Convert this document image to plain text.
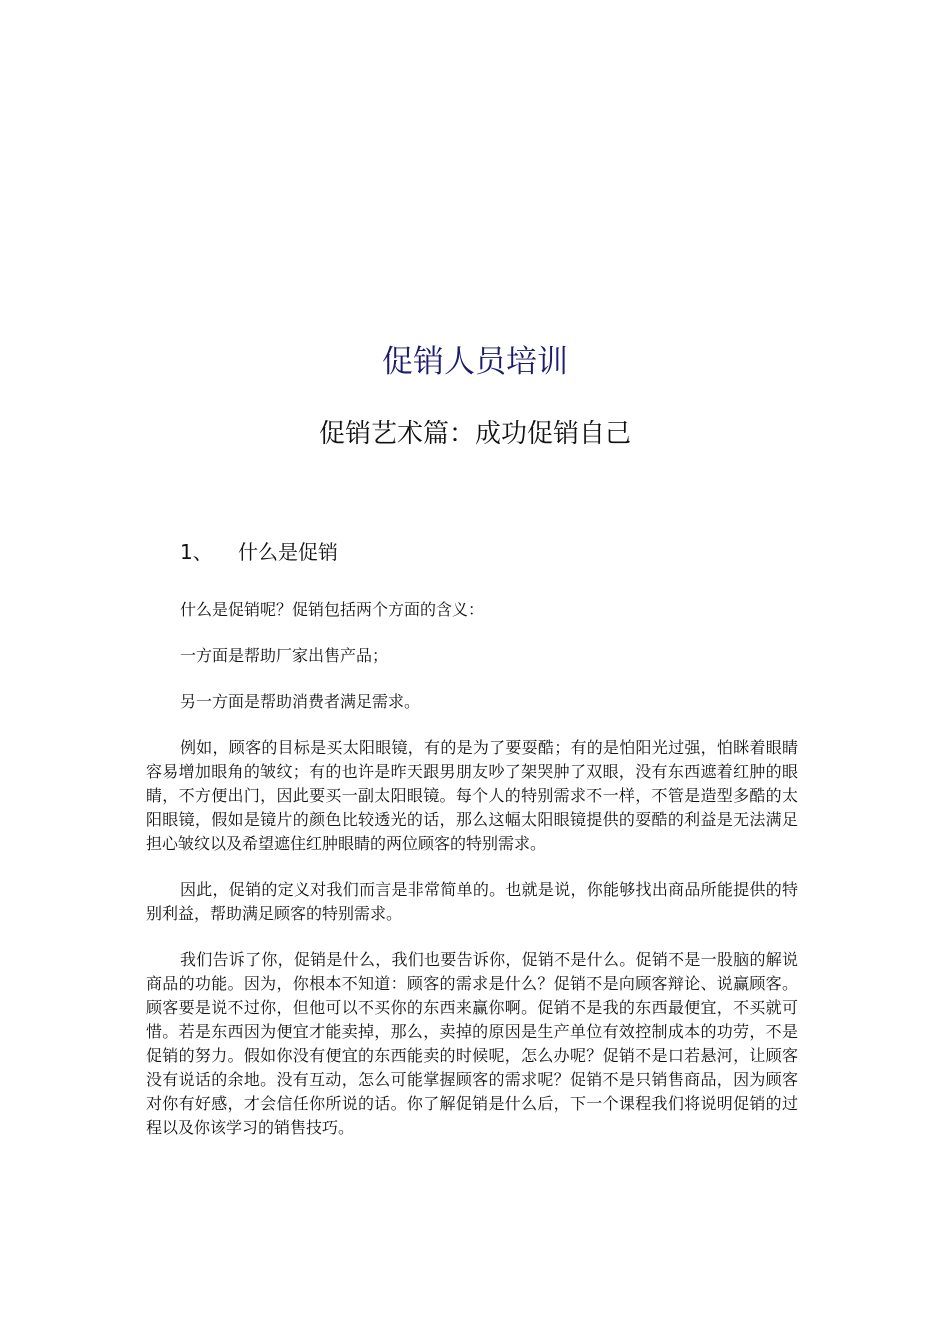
促销人员培训
促销艺术篇：成功促销自己
1、 什么是促销

什么是促销呢？促销包括两个方面的含义：

一方面是帮助厂家出售产品；

另一方面是帮助消费者满足需求。

例如，顾客的目标是买太阳眼镜，有的是为了要耍酷；有的是怕阳光过强，怕眯着眼睛容易增加眼角的皱纹；有的也许是昨天跟男朋友吵了架哭肿了双眼，没有东西遮着红肿的眼睛，不方便出门，因此要买一副太阳眼镜。每个人的特别需求不一样，不管是造型多酷的太阳眼镜，假如是镜片的颜色比较透光的话，那么这幅太阳眼镜提供的耍酷的利益是无法满足担心皱纹以及希望遮住红肿眼睛的两位顾客的特别需求。

因此，促销的定义对我们而言是非常简单的。也就是说，你能够找出商品所能提供的特别利益，帮助满足顾客的特别需求。

我们告诉了你，促销是什么，我们也要告诉你，促销不是什么。促销不是一股脑的解说商品的功能。因为，你根本不知道：顾客的需求是什么？促销不是向顾客辩论、说赢顾客。顾客要是说不过你，但他可以不买你的东西来赢你啊。促销不是我的东西最便宜，不买就可惜。若是东西因为便宜才能卖掉，那么，卖掉的原因是生产单位有效控制成本的功劳，不是促销的努力。假如你没有便宜的东西能卖的时候呢，怎么办呢？促销不是口若悬河，让顾客没有说话的余地。没有互动，怎么可能掌握顾客的需求呢？促销不是只销售商品，因为顾客对你有好感，才会信任你所说的话。你了解促销是什么后，下一个课程我们将说明促销的过程以及你该学习的销售技巧。
